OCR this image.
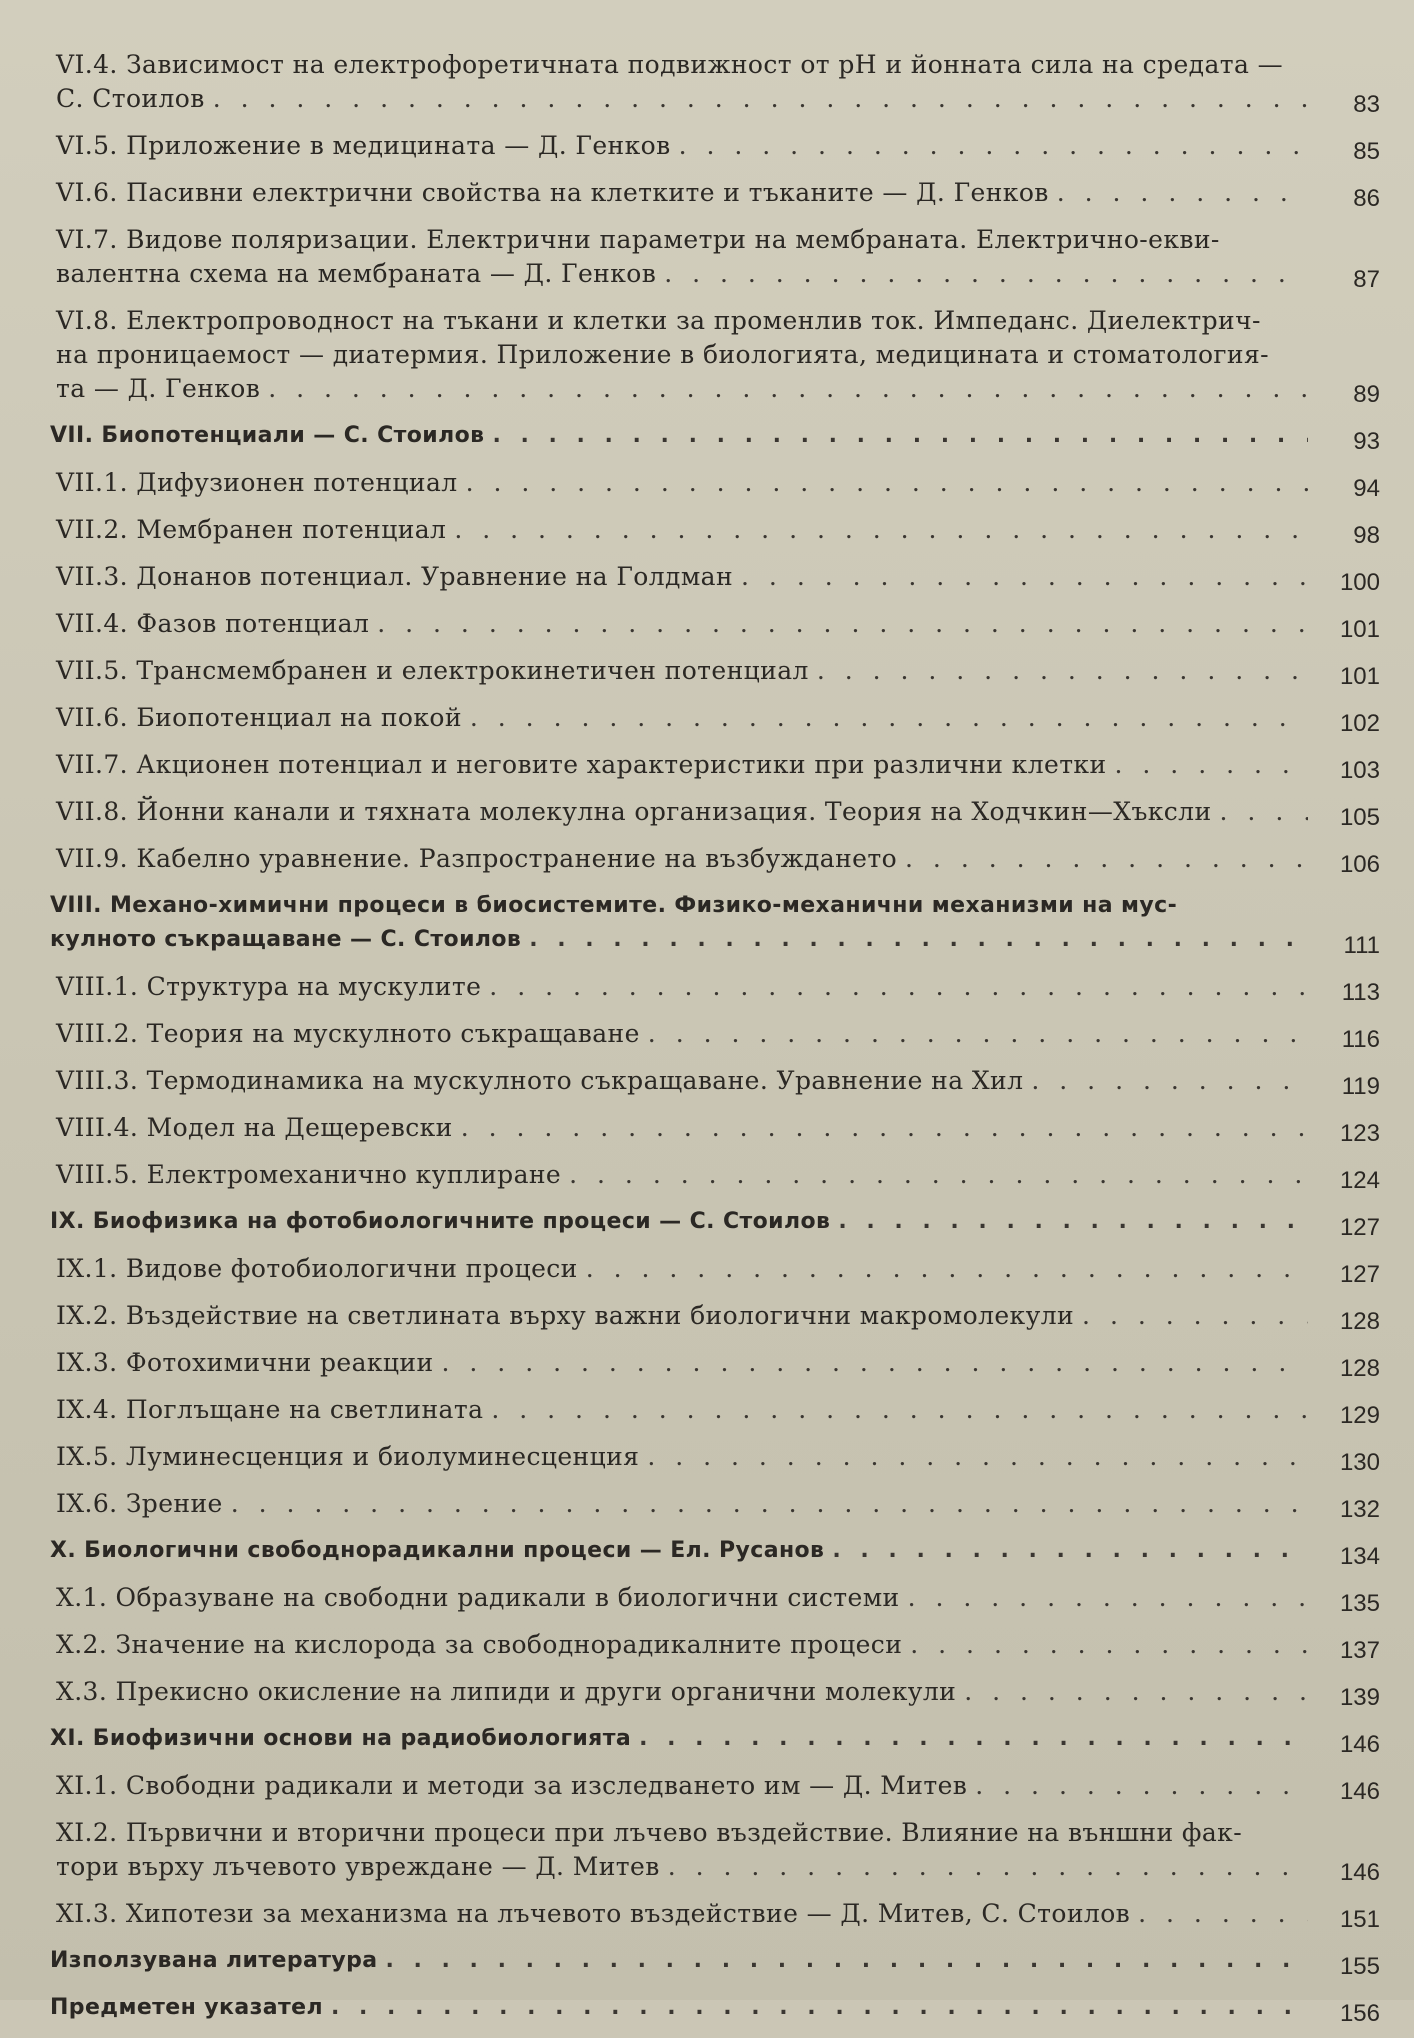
VI.4. Зависимост на електрофоретичната подвижност от pH и йонната сила на средата —
С. Стоилов . . .	83
VI.5. Приложение в медицината — Д. Генков . . .	85
VI.6. Пасивни електрични свойства на клетките и тъканите — Д. Генков . . .	86
VI.7. Видове поляризации. Електрични параметри на мембраната. Електрично-екви-
валентна схема на мембраната — Д. Генков . . .	87
VI.8. Електропроводност на тъкани и клетки за променлив ток. Импеданс. Диелектрич-
на проницаемост — диатермия. Приложение в биологията, медицината и стоматология-
та — Д. Генков . . .	89
VII. Биопотенциали — С. Стоилов . . .	93
VII.1. Дифузионен потенциал . . .	94
VII.2. Мембранен потенциал . . .	98
VII.3. Донанов потенциал. Уравнение на Голдман . . .	100
VII.4. Фазов потенциал . . .	101
VII.5. Трансмембранен и електрокинетичен потенциал . . .	101
VII.6. Биопотенциал на покой . . .	102
VII.7. Акционен потенциал и неговите характеристики при различни клетки . . .	103
VII.8. Йонни канали и тяхната молекулна организация. Теория на Ходчкин—Хъксли . . .	105
VII.9. Кабелно уравнение. Разпространение на възбуждането . . .	106
VIII. Механо-химични процеси в биосистемите. Физико-механични механизми на мус-
кулното съкращаване — С. Стоилов . . .	111
VIII.1. Структура на мускулите . . .	113
VIII.2. Теория на мускулното съкращаване . . .	116
VIII.3. Термодинамика на мускулното съкращаване. Уравнение на Хил . . .	119
VIII.4. Модел на Дещеревски . . .	123
VIII.5. Електромеханично куплиране . . .	124
IX. Биофизика на фотобиологичните процеси — С. Стоилов . . .	127
IX.1. Видове фотобиологични процеси . . .	127
IX.2. Въздействие на светлината върху важни биологични макромолекули . . .	128
IX.3. Фотохимични реакции . . .	128
IX.4. Поглъщане на светлината . . .	129
IX.5. Луминесценция и биолуминесценция . . .	130
IX.6. Зрение . . .	132
X. Биологични свободнорадикални процеси — Ел. Русанов . . .	134
X.1. Образуване на свободни радикали в биологични системи . . .	135
X.2. Значение на кислорода за свободнорадикалните процеси . . .	137
X.3. Прекисно окисление на липиди и други органични молекули . . .	139
XI. Биофизични основи на радиобиологията . . .	146
XI.1. Свободни радикали и методи за изследването им — Д. Митев . . .	146
XI.2. Първични и вторични процеси при лъчево въздействие. Влияние на външни фак-
тори върху лъчевото увреждане — Д. Митев . . .	146
XI.3. Хипотези за механизма на лъчевото въздействие — Д. Митев, С. Стоилов . . .	151
Използувана литература . . .	155
Предметен указател . . .	156
